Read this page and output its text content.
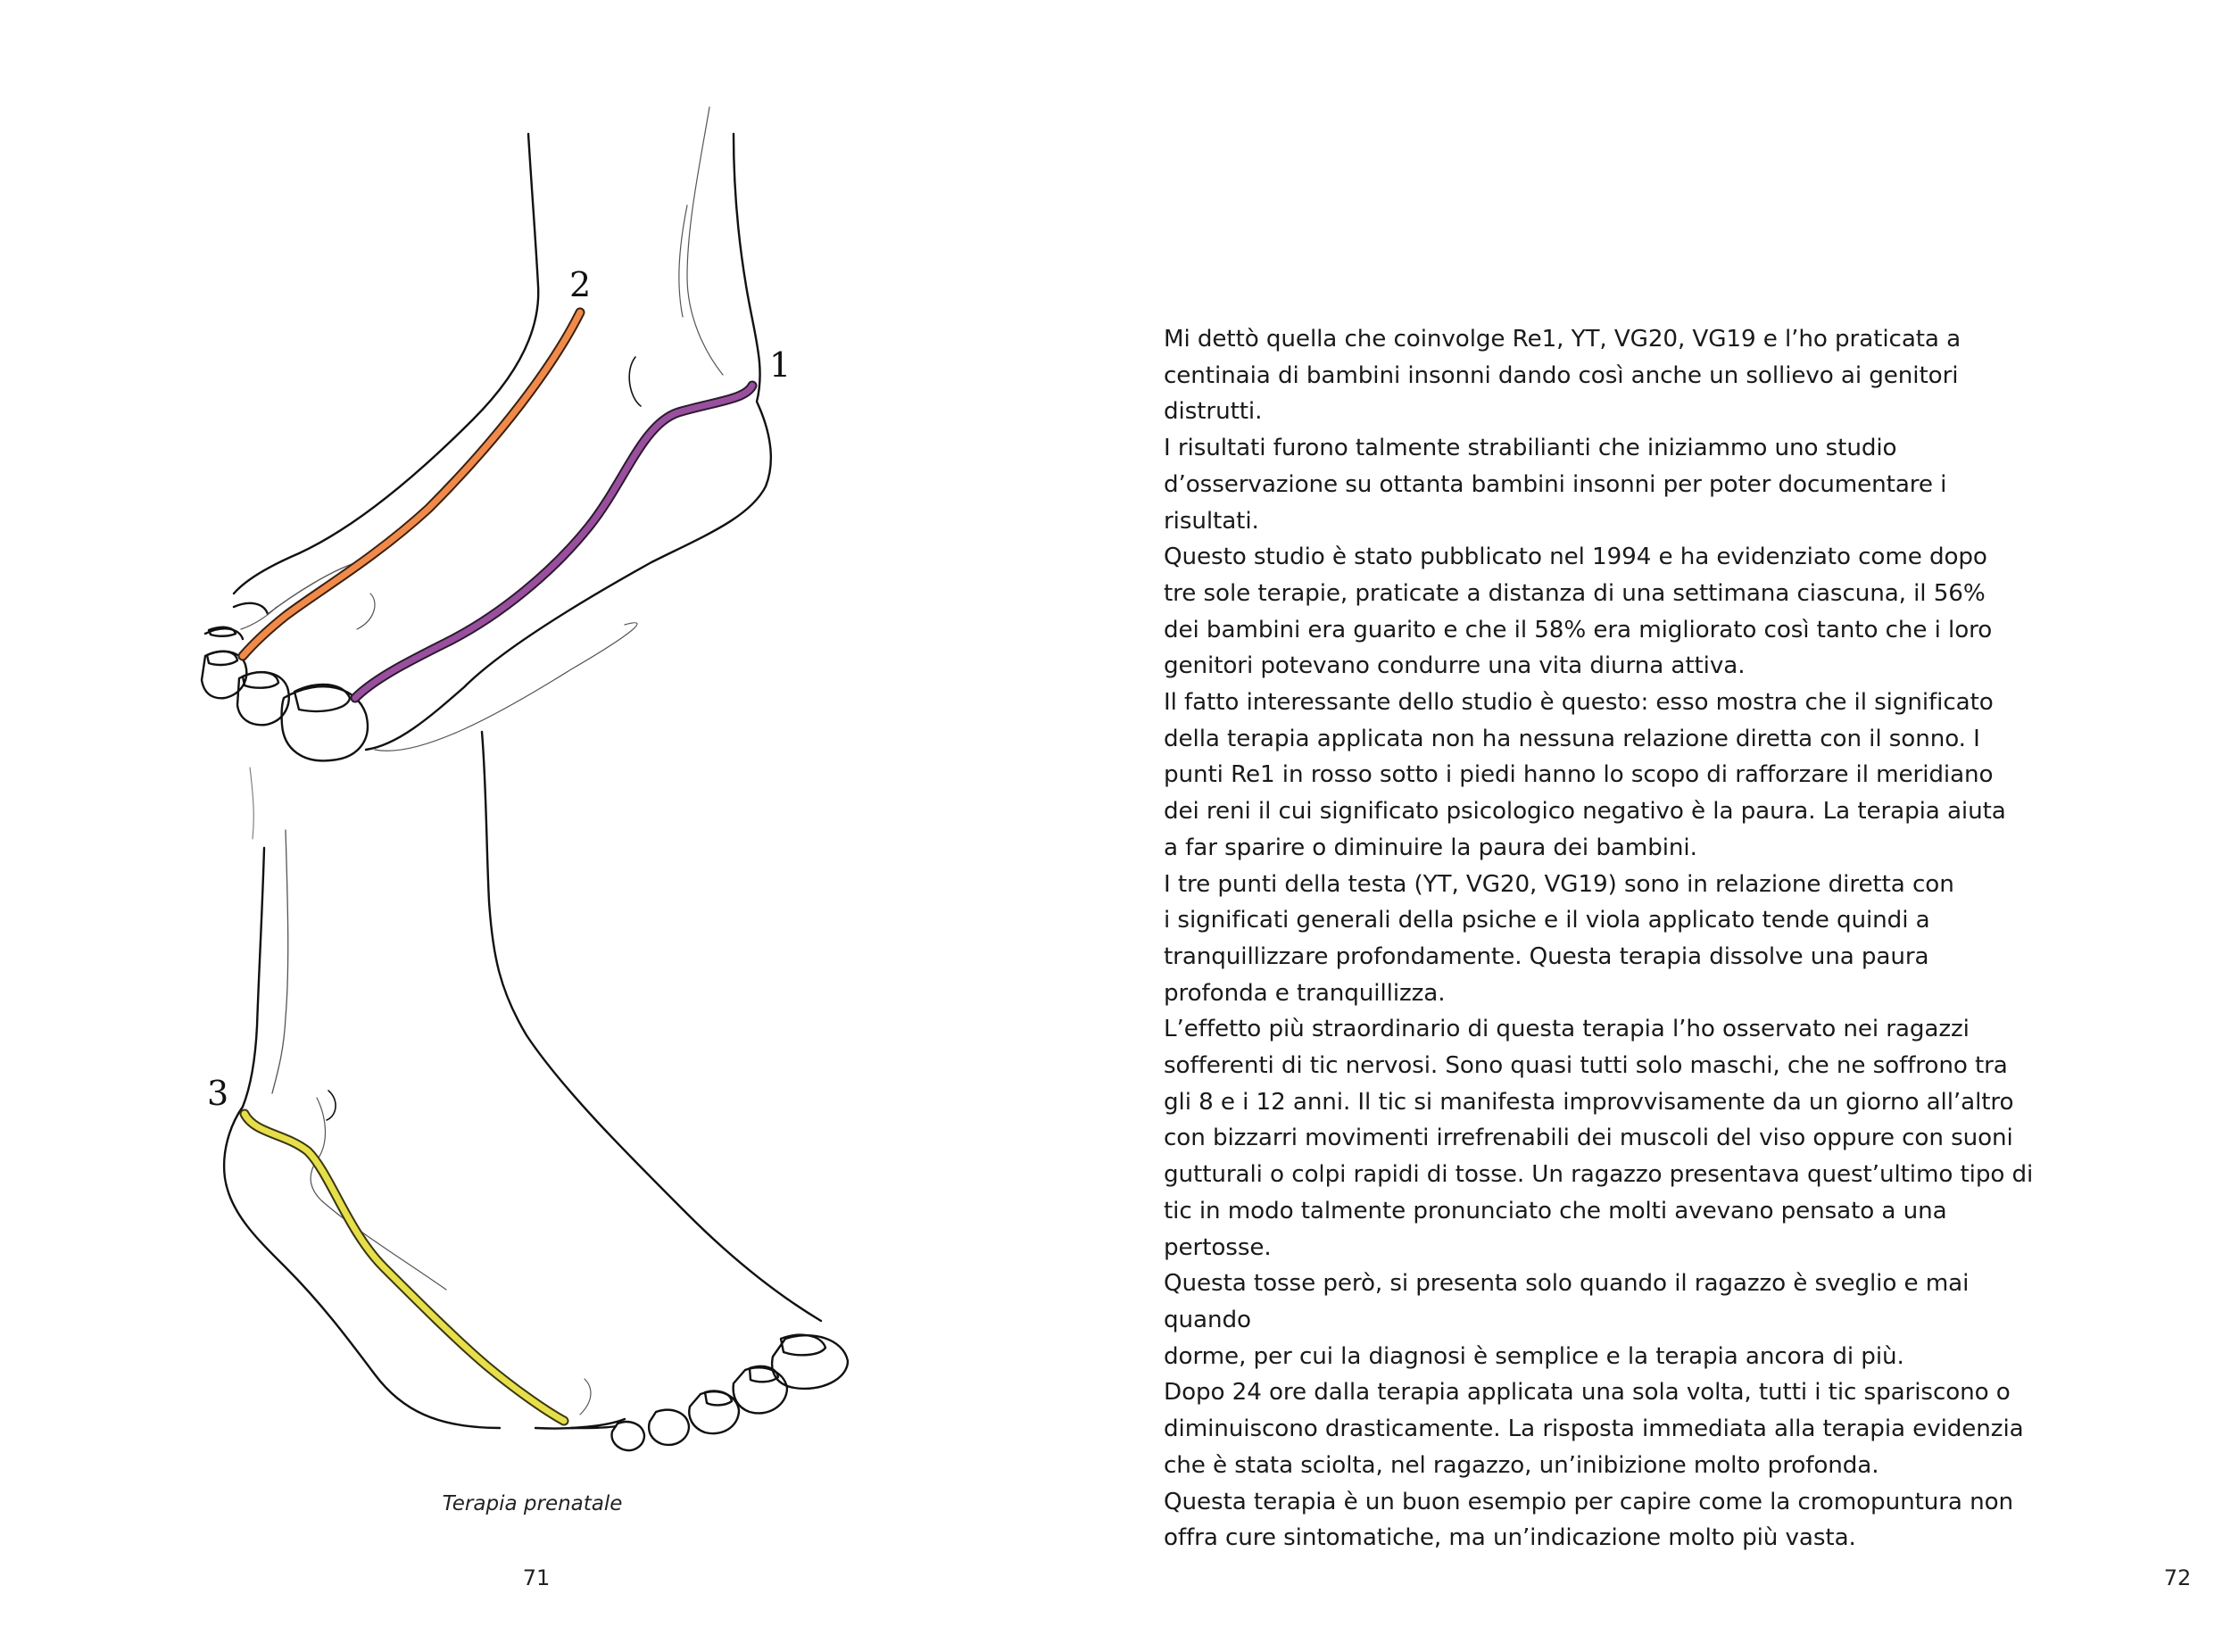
1
2
3
Terapia prenatale
71

Mi dettò quella che coinvolge Re1, YT, VG20, VG19 e l’ho praticata a

centinaia di bambini insonni dando così anche un sollievo ai genitori

distrutti.

I risultati furono talmente strabilianti che iniziammo uno studio

d’osservazione su ottanta bambini insonni per poter documentare i

risultati.

Questo studio è stato pubblicato nel 1994 e ha evidenziato come dopo

tre sole terapie, praticate a distanza di una settimana ciascuna, il 56%

dei bambini era guarito e che il 58% era migliorato così tanto che i loro

genitori potevano condurre una vita diurna attiva.

Il fatto interessante dello studio è questo: esso mostra che il significato

della terapia applicata non ha nessuna relazione diretta con il sonno. I

punti Re1 in rosso sotto i piedi hanno lo scopo di rafforzare il meridiano

dei reni il cui significato psicologico negativo è la paura. La terapia aiuta

a far sparire o diminuire la paura dei bambini.

I tre punti della testa (YT, VG20, VG19) sono in relazione diretta con

i significati generali della psiche e il viola applicato tende quindi a

tranquillizzare profondamente. Questa terapia dissolve una paura

profonda e tranquillizza.

L’effetto più straordinario di questa terapia l’ho osservato nei ragazzi

sofferenti di tic nervosi. Sono quasi tutti solo maschi, che ne soffrono tra

gli 8 e i 12 anni. Il tic si manifesta improvvisamente da un giorno all’altro

con bizzarri movimenti irrefrenabili dei muscoli del viso oppure con suoni

gutturali o colpi rapidi di tosse. Un ragazzo presentava quest’ultimo tipo di

tic in modo talmente pronunciato che molti avevano pensato a una pertosse.

Questa tosse però, si presenta solo quando il ragazzo è sveglio e mai quando

dorme, per cui la diagnosi è semplice e la terapia ancora di più.

Dopo 24 ore dalla terapia applicata una sola volta, tutti i tic spariscono o

diminuiscono drasticamente. La risposta immediata alla terapia evidenzia

che è stata sciolta, nel ragazzo, un’inibizione molto profonda.

Questa terapia è un buon esempio per capire come la cromopuntura non

offra cure sintomatiche, ma un’indicazione molto più vasta.

72
